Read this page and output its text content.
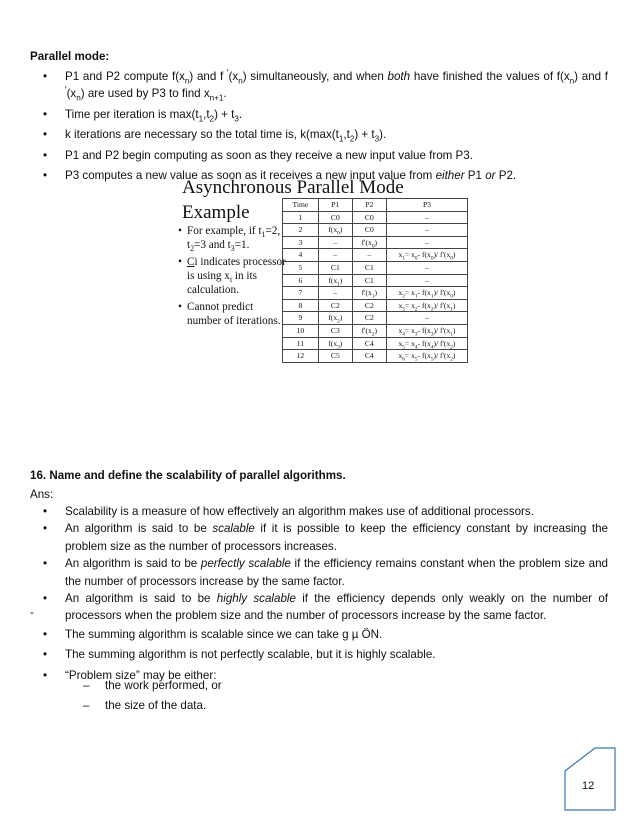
Parallel mode:
• P1 and P2 compute $f(x_n)$ and f $^ꞌ(x_n)$ simultaneously, and when both have finished the values of $f(x_n)$ and f $^ꞌ(x_n)$ are used by P3 to find $x_{n+1}$.
• Time per iteration is $\max(t_1,t_2) + t_3$.
• k iterations are necessary so the total time is, $k(\max(t_1,t_2) + t_3)$.
• P1 and P2 begin computing as soon as they receive a new input value from P3.
• P3 computes a new value as soon as it receives a new input value from either P1 or P2.
Asynchronous Parallel Mode
Example
• For example, if $t_1=2$, $t_2=3$ and $t_3=1$.
• Ci indicates processor is using $x_i$ in its calculation.
• Cannot predict number of iterations.
Time	P1	P2	P3
1	C0	C0	–
2	$f(x_0)$	C0	–
3	–	$f'(x_0)$	–
4	–	–	$x_1= x_0-$ $f(x_0)/$ $f'(x_0)$
5	C1	C1	–
6	$f(x_1)$	C1	–
7	–	$f'(x_1)$	$x_2= x_1-$ $f(x_1)/$ $f'(x_0)$
8	C2	C2	$x_3= x_2-$ $f(x_2)/$ $f'(x_1)$
9	$f(x_2)$	C2	–
10	C3	$f'(x_2)$	$x_4= x_3-$ $f(x_3)/$ $f'(x_1)$
11	$f(x_3)$	C4	$x_5= x_4-$ $f(x_4)/$ $f'(x_2)$
12	C5	C4	$x_6= x_5-$ $f(x_5)/$ $f'(x_2)$
16. Name and define the scalability of parallel algorithms.
Ans:
• Scalability is a measure of how effectively an algorithm makes use of additional processors.
• An algorithm is said to be scalable if it is possible to keep the efficiency constant by increasing the problem size as the number of processors increases.
• An algorithm is said to be perfectly scalable if the efficiency remains constant when the problem size and the number of processors increase by the same factor.
• An algorithm is said to be highly scalable if the efficiency depends only weakly on the number of processors when the problem size and the number of processors increase by the same factor.
-
• The summing algorithm is scalable since we can take g µ ÖN.
• The summing algorithm is not perfectly scalable, but it is highly scalable.
• “Problem size” may be either:
– the work performed, or
– the size of the data.
12
